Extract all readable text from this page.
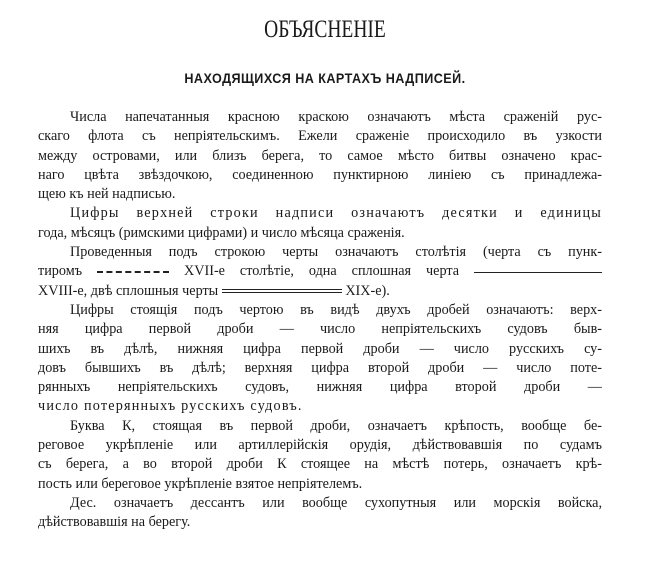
ОБЪЯСНЕНІЕ
НАХОДЯЩИХСЯ НА КАРТАХЪ НАДПИСЕЙ.
Числа напечатанныя красною краскою означаютъ мѣста сраженій рус-
скаго флота съ непріятельскимъ. Ежели сраженіе происходило въ узкости
между островами, или близъ берега, то самое мѣсто битвы означено крас-
наго цвѣта звѣздочкою, соединенною пунктирною линіею съ принадлежа-
щею къ ней надписью.
Цифры верхней строки надписи означаютъ десятки и единицы
года, мѣсяцъ (римскими цифрами) и число мѣсяца сраженія.
Проведенныя подъ строкою черты означаютъ столѣтія (черта съ пунк-
тиромъ	XVII-е столѣтіе, одна сплошная черта
XVIII-е, двѣ сплошныя черты	XIX-е).
Цифры стоящія подъ чертою въ видѣ двухъ дробей означаютъ: верх-
няя цифра первой дроби — число непріятельскихъ судовъ быв-
шихъ въ дѣлѣ, нижняя цифра первой дроби — число русскихъ су-
довъ бывшихъ въ дѣлѣ; верхняя цифра второй дроби — число поте-
рянныхъ непріятельскихъ судовъ, нижняя цифра второй дроби —
число потерянныхъ русскихъ судовъ.
Буква К, стоящая въ первой дроби, означаетъ крѣпость, вообще бе-
реговое укрѣпленіе или артиллерійскія орудія, дѣйствовавшія по судамъ
съ берега, а во второй дроби К стоящее на мѣстѣ потерь, означаетъ крѣ-
пость или береговое укрѣпленіе взятое непріятелемъ.
Дес. означаетъ дессантъ или вообще сухопутныя или морскія войска,
дѣйствовавшія на берегу.
